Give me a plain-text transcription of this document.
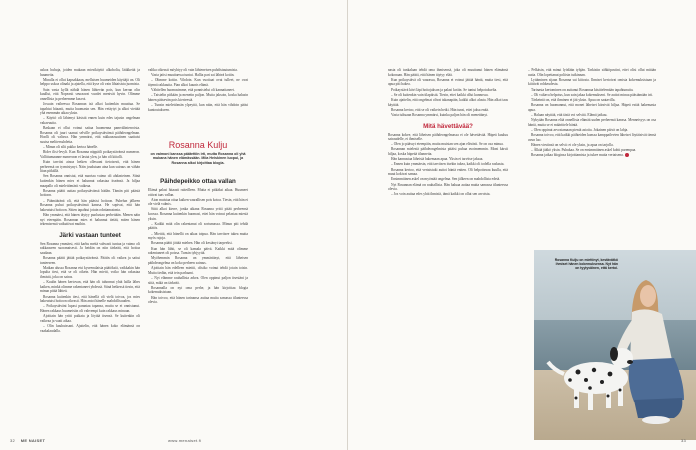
uskoa huhuja, joiden mukaan miesikäyttö alkoholia, lääkkeitä ja huumeita.

Minulla ei ollut kapsakkaan, mellaisen huumeiden käyttäjä on. Oli helppo uskoa olinaki ja ajatella, että kyse oli vain lihtaisista juomista.

Sain vasta kyllä nähdä hänen lähtevän pois, kun kerran olin kuullut, että Nopeasti seuraavat vuodet menivät hyvin. Olimme onnellisia ja perheemme kasvoi.

Jossain vaiheessa Rosannan isä alkoi kuitenkin muuttua. Se tapahtui hitaasti, mutta huomasin sen. Hän vetäytyi ja alkoi viettää yhä enemmän aikaa yksin.

– Käyttö oli lähtenyt käsistä ennen kuin edes tajusin ongelman vakavuutta.

Baskaan ei ollut voinut saitaa huomenna pamvälinterroista. Rosanna oli juuri saanut selville poikaystävänsä päihdeongelman. Hoolli oli valtava. Hän yrnmärsi, että rakkaussuutinen saattaisi suutsa melitersuhdetta.

– Minun oli silti pakko kertoa hänelle.

Rider ilisi-levylt. Kun Rosanna näppäili poikaystävänsä numeron. Vallittumaanne numeroon ei lastut ylen, ja hän oli kiitolli.

Kuin tarvitsi ainoa hetken ollessani tietoisesti, että hänen perheensä on tyrmistynyt. Näin joudutaan aina kun sairaus on vähän liian pitkällä.

Sen Rosanna onnistui, että nuortaa vaimo oli ahdasteinen. Siinä kuitenkin hänen mies ei halunnut rakastaa itseänsä. Ja hiljaa maapallo oli mielettömästi vaikeaa.

Rosanna päätti auttaa poikaystävänsä hädän. Tämän piti päästä hoitoon.

– Päämääränä oli, että hän pääsisi hoitoon. Puhelun jälkeen Rosanna puhui poikaystävänsä kanssa. He sopivat, että hän hakeutuisi hoitoon. Sitten tapahtui jotain odottamatonta.

Hän ymmärsi, että hänen täytyy puolustaa perhettään. Menen näin nyt eteenpäin. Rosannan mies ei halunnut tietää, miten hänen tekemisensä vaikuttivat muihin.

Järki vastaan tunteet

Sen Rosanna ymmärsi, että karhu meitä vahvasti tuntua ja vaimo oli rakkaaseen suoranaisesti. Ja heidän on niin tärkeää, että hoitoa saadaan.

Rosanna päätti jättää poikaystävänsä. Päätös oli vaikea ja sattui tunteeseen.

Matkan alussa Rosanna etsi kyseenalaisia päätöksiä, vaikkakin hän lopulta tiesi, että se oli oikein. Hän mietti, voiko hän rakastaa ihmistä, joka on sairas.

– Kuulin hänen kertovan, että hän oli tuhonnut yhtä lailla lähes kaiken, minkä olimme rakentaneet yhdessä. Siinä hetkessä tiesin, että minun pitää lähteä.

Rosanna kuitenkin tiesi, että hänellä oli vielä toivoa, jos mies hakeutuisi hoitoon oikeasti. Hän antoi hänelle mahdollisuuden.

– Poikaystäväni lupasi parantaa tapansa, mutta se ei onnistunut. Hänen rakkaus huumeisiin oli vahvempi kuin rakkaus minuun.

Ajoittain hän yritti paikata ja löytää itsensä. Se kuitenkin oli vaikeaa ja vaati aikaa.

– Olin kauhuissani. Ajattelin, että hänen koko elämänsä on vaakalaudalla.

valtka oikeasti möyhtyy oli vain lähteneisen puhdistautumista.

Vasta jaitsi muuttaessa tuntui. Hallia pari sai lähteä kotiin.

– Olimme kotiin. Vihdoin. Kun vuotiaat ovat tulleet, ne ovat täynnä rakkautta. Pian alkoi kaunis elämä.

Vähitellen huomasimme, että ponnistelut oli kannattaneet.

– Taistelin pitkään ja menetin paljon. Mutta jaksoin, koska halusin hänen pääsevän pois kierteestä.

– Tunsin mielettömän ylpeyttä, kun näin, että hän vihdoin pääsi kuntoutukseen.

Päihdepeikko ottaa vallan

Elämä palasi hitaasti raiteilleen. Mutta ei pitkäksi aikaa. Huumeet ottivat taas vallan.

Aion muistaa ottaa kaiken vaarallisen pois kotoa. Tiesin, että hän ei ole vielä valmis.

Siitä alkoi kierre, jonka aikana Rosanna yritti pitää perheensä koossa. Rosanna kuitenkin huomasi, ettei hän voinut pelastaa miestä yksin.

– Kaikki mitä olin rakentanut oli sortumassa. Minun piti tehdä päätös.

– Miettiä, että hänellä on aikaa toipua. Hän tarvitsee tukea mutta myös rajoja.

Rosanna päätti jättää miehen. Hän oli kestänyt tarpeeksi.

Kun hän lähti, se oli kamala päivä. Kaikki mitä olimme rakentaneet oli poissa. Tunsin tyhjyyttä.

Myöhemmin Rosanna on ymmärtänyt, että läheisen päihdeongelma on koko perheen sairaus.

Ajoittain hän edelleen miettii, olisiko voinut tehdä jotain toisin. Mutta tiedän, että tein parhaani.

– Nyt elämme rauhallista arkea. Olen oppinut paljon itsestäni ja siitä, mikä on tärkeää.

Rosannalla on nyt oma perhe, ja hän kirjoittaa blogia kokemuksistaan.

Hän toivoo, että hänen tarinansa auttaa muita samassa tilanteessa olevia.

Rosanna Kulju
on vaimoni kanssa päätettiin irti, mutta Rosanna oli yhä mukana hänen elämässään. Miia Heiskinen luopui, ja Rosanna alkoi kirjoittaa blogia.
32 ME NAISET	www.menaiset.fi

nasta oli tunkalaan tehdä oma ihmisensä, joka oli muuttanut hänen elämänsä kokonaan. Hän päätti, että hänen täytyy elää.

Kun poikaystävä oli vaarassa, Rosanna ei voinut jättää häntä, mutta tiesi, että apua piti hakea.

Poikaystävä kävi läpi hoitojakson ja palasi kotiin. Se tuntui helpotukselta.

– Se oli kuitenkin vain tilapäistä. Tiesin, ettei kaikki ollut kunnossa.

Kuin ajattelin, että ongelmat olivat takanapäin, kaikki alkoi alusta. Hän alkoi taas käyttää.

Rosanna kertoo, että se oli vaikein hetki. Hän tunsi, ettei jaksa enää.

Vasta tultuaan Rosanna ymmärsi, kuinka paljon hän oli menettänyt.

Mitä hävettävää?

Rosanna kokee, että läheisen päihdeongelmassa ei ole hävettävää. Häpeä kuuluu sairaudelle, ei ihmiselle.

– Olen jo päässyt eteenpäin, mutta muistan sen ajan elävästi. Se on osa minua.

Rosannan mielestä päihdeongelmista pitäisi puhua avoimemmin. Moni kärsii hiljaa, koska häpeää tilannetta.

Hän kannustaa läheisiä hakemaan apua. Yksin ei tarvitse jaksaa.

– Ennen kuin ymmärsin, että tarvitsen itsekin tukea, kaikki oli todella raskasta.

Rosanna kertoo, että vertaistuki auttoi häntä eniten. Oli helpottavaa kuulla, että muut kokivat samaa.

Ensimmäinen askel on myöntää ongelma. Sen jälkeen on mahdollista edetä.

Nyt Rosannan elämä on rauhallista. Hän haluaa auttaa muita samassa tilanteessa olevia.

– Jos voin auttaa edes yhtä ihmistä, tämä kaikki on ollut sen arvoista.

– Pelkäsin, että minut lyödään tyhjän. Tarkistin sähköpostini, ettei olisi ollut mitään uutta. Olin lopettanut poliisin tutkinnan.

Lyttäminen sijaan Rosanna sai kiitosta. Ihmiset kertoivat omista kokemuksistaan ja kiittivät rohkeudesta.

Tarinasta kertominen on auttanut Rosannaa käsittelemään tapahtunutta.

– Oli valtava helpotus, kun sain jakaa kokemukseni. Se auttoi minua päästämään irti.

Tärkeintä on, että ihminen ei jää yksin. Apua on saatavilla.

Rosanna on huomannut, että monet läheiset kärsivät hiljaa. Häpeä estää hakemasta apua.

– Haluan näyttää, että tästä voi selvitä. Elämä jatkuu.

Nykyään Rosanna elää onnellista elämää uuden perheensä kanssa. Menneisyys on osa häntä, mutta se ei määrittele häntä.

– Olen oppinut arvostamaan pieniä asioita. Jokainen päivä on lahja.

Rosanna toivoo, että kaikki päihteiden kanssa kamppailevien läheiset löytäisivät tiensä avun luo.

Hänen viestinsä on selvä: et ole yksin, ja apua on tarjolla.

– Älkää jääkö yksin. Puhukaa. Se on ensimmäinen askel kohti parempaa.

Rosanna jatkaa bloginsa kirjoittamista ja tukee muita vertaisena.

Rosanna Kulju on miettinyt, kestävätkö ihmiset hänen kokemuksensa. Nyt hän on tyytyväinen, että kertoi.
33
